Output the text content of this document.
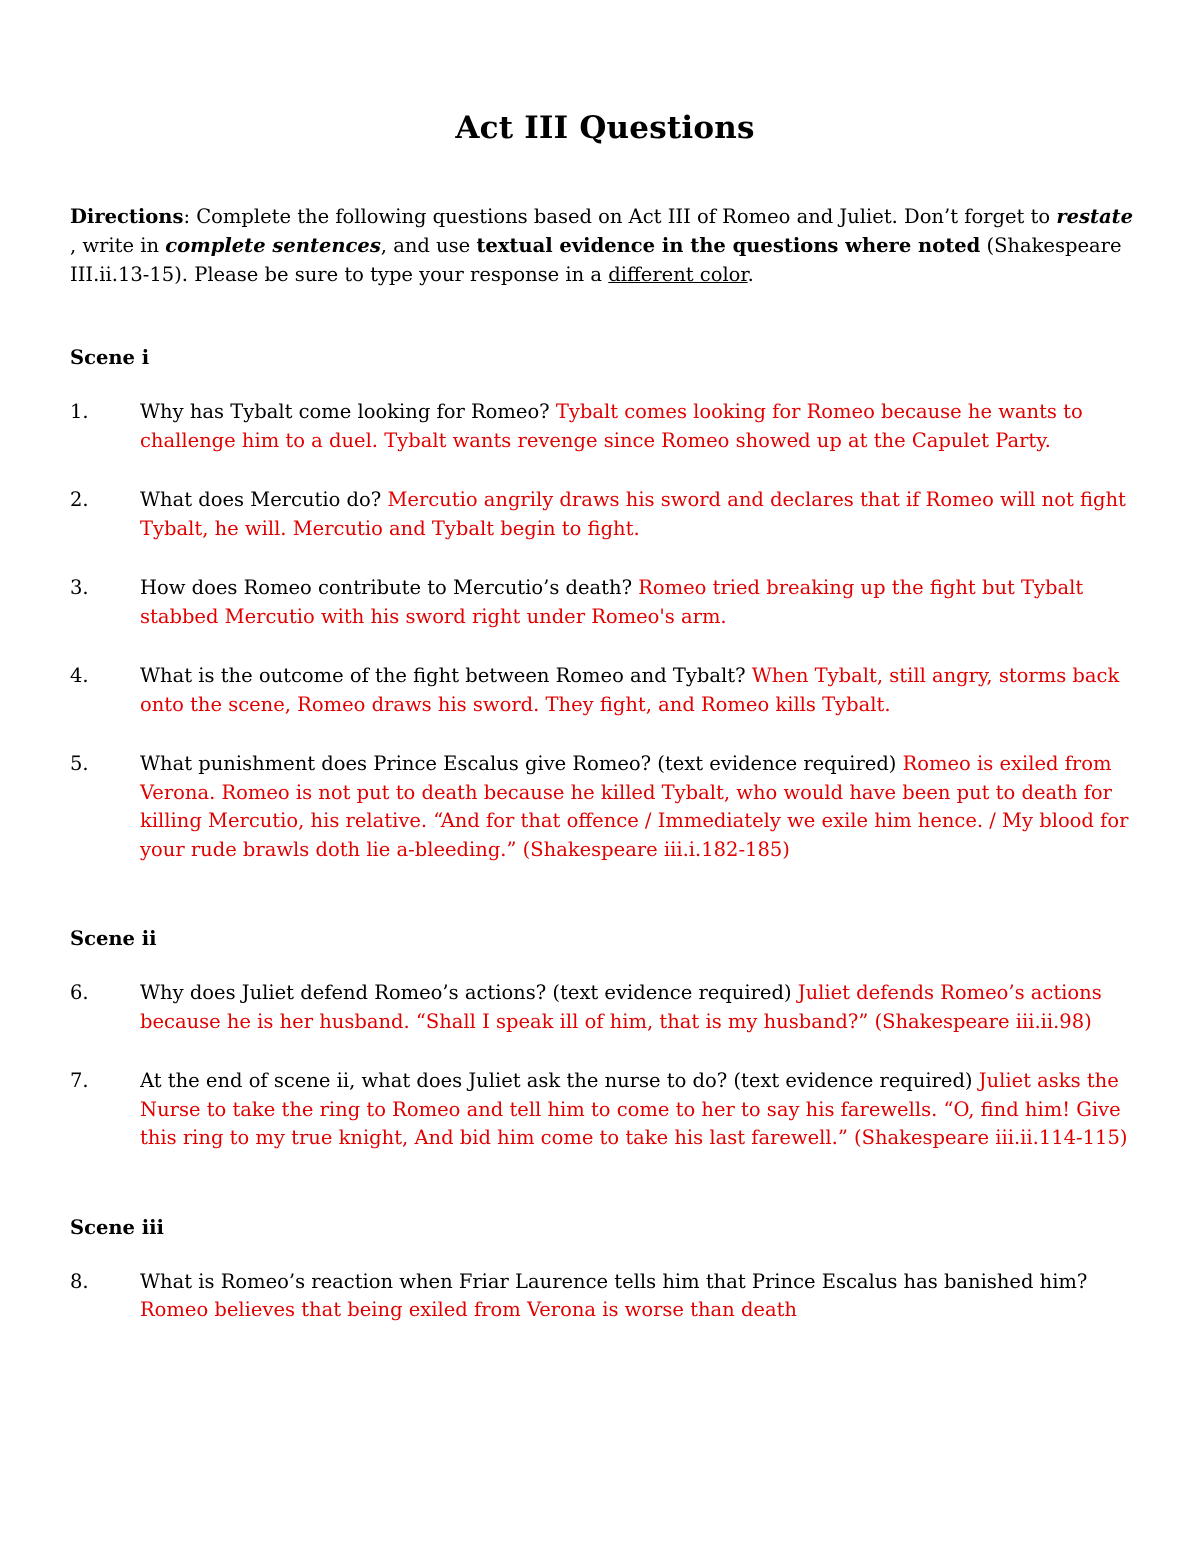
Act III Questions
Directions: Complete the following questions based on Act III of Romeo and Juliet. Don’t forget to restate , write in complete sentences, and use textual evidence in the questions where noted (Shakespeare III.ii.13-15). Please be sure to type your response in a different color.
Scene i
1.	Why has Tybalt come looking for Romeo? Tybalt comes looking for Romeo because he wants to challenge him to a duel. Tybalt wants revenge since Romeo showed up at the Capulet Party.
2.	What does Mercutio do? Mercutio angrily draws his sword and declares that if Romeo will not fight Tybalt, he will. Mercutio and Tybalt begin to fight.
3.	How does Romeo contribute to Mercutio’s death? Romeo tried breaking up the fight but Tybalt stabbed Mercutio with his sword right under Romeo's arm.
4.	What is the outcome of the fight between Romeo and Tybalt? When Tybalt, still angry, storms back onto the scene, Romeo draws his sword. They fight, and Romeo kills Tybalt.
5.	What punishment does Prince Escalus give Romeo? (text evidence required) Romeo is exiled from Verona. Romeo is not put to death because he killed Tybalt, who would have been put to death for killing Mercutio, his relative. “And for that offence / Immediately we exile him hence. / My blood for your rude brawls doth lie a-bleeding.” (Shakespeare iii.i.182-185)
Scene ii
6.	Why does Juliet defend Romeo’s actions? (text evidence required) Juliet defends Romeo’s actions because he is her husband. “Shall I speak ill of him, that is my husband?” (Shakespeare iii.ii.98)
7.	At the end of scene ii, what does Juliet ask the nurse to do? (text evidence required) Juliet asks the Nurse to take the ring to Romeo and tell him to come to her to say his farewells. “O, find him! Give this ring to my true knight, And bid him come to take his last farewell.” (Shakespeare iii.ii.114-115)
Scene iii
8.	What is Romeo’s reaction when Friar Laurence tells him that Prince Escalus has banished him? Romeo believes that being exiled from Verona is worse than death
